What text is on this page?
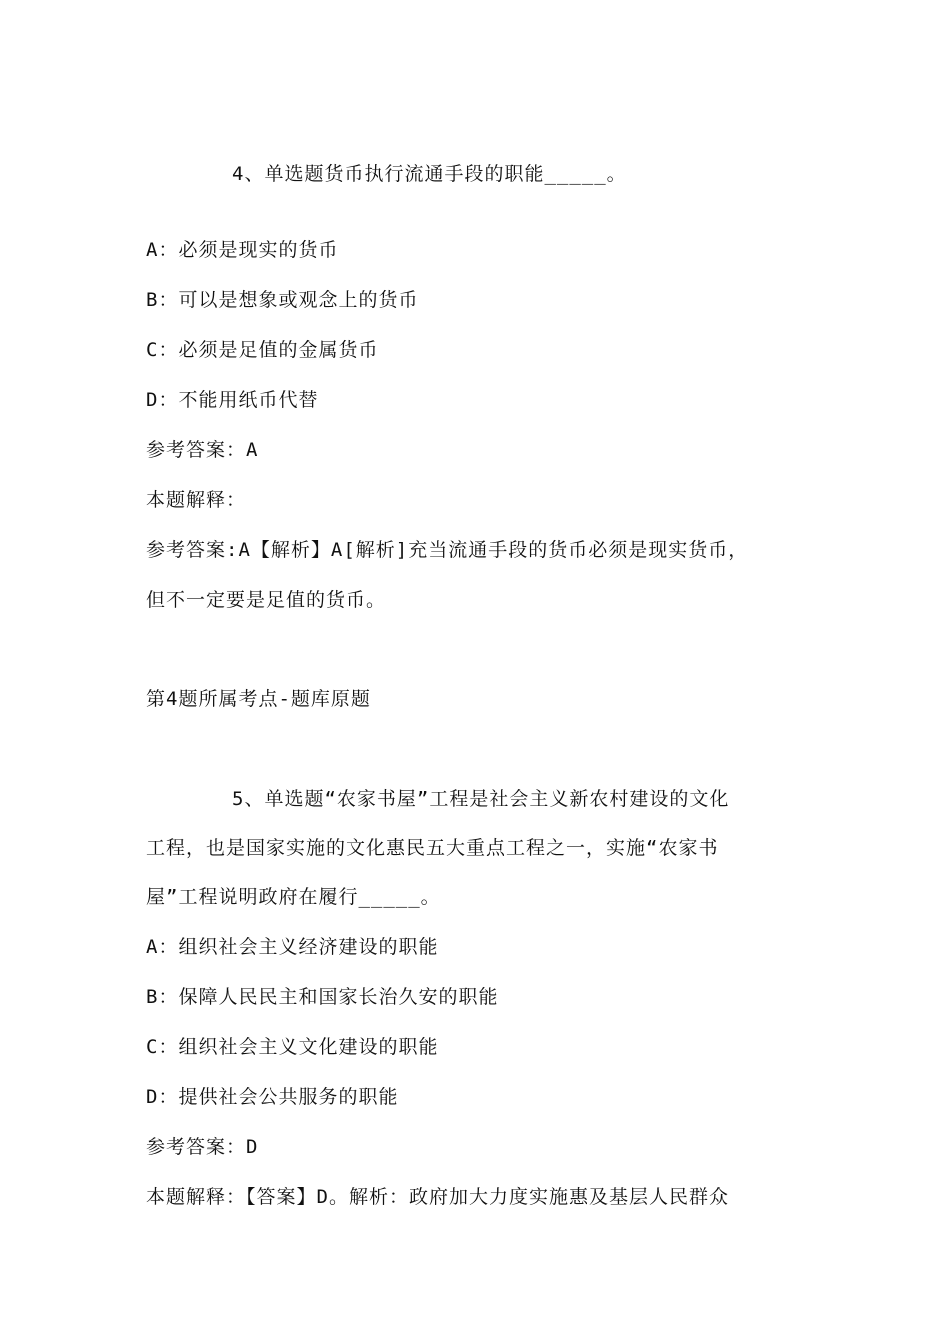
4、单选题货币执行流通手段的职能_____。
A：必须是现实的货币
B：可以是想象或观念上的货币
C：必须是足值的金属货币
D：不能用纸币代替
参考答案：A
本题解释：
参考答案:A【解析】A[解析]充当流通手段的货币必须是现实货币，
但不一定要是足值的货币。
第4题所属考点-题库原题
5、单选题“农家书屋”工程是社会主义新农村建设的文化
工程，也是国家实施的文化惠民五大重点工程之一，实施“农家书
屋”工程说明政府在履行_____。
A：组织社会主义经济建设的职能
B：保障人民民主和国家长治久安的职能
C：组织社会主义文化建设的职能
D：提供社会公共服务的职能
参考答案：D
本题解释：【答案】D。解析：政府加大力度实施惠及基层人民群众
